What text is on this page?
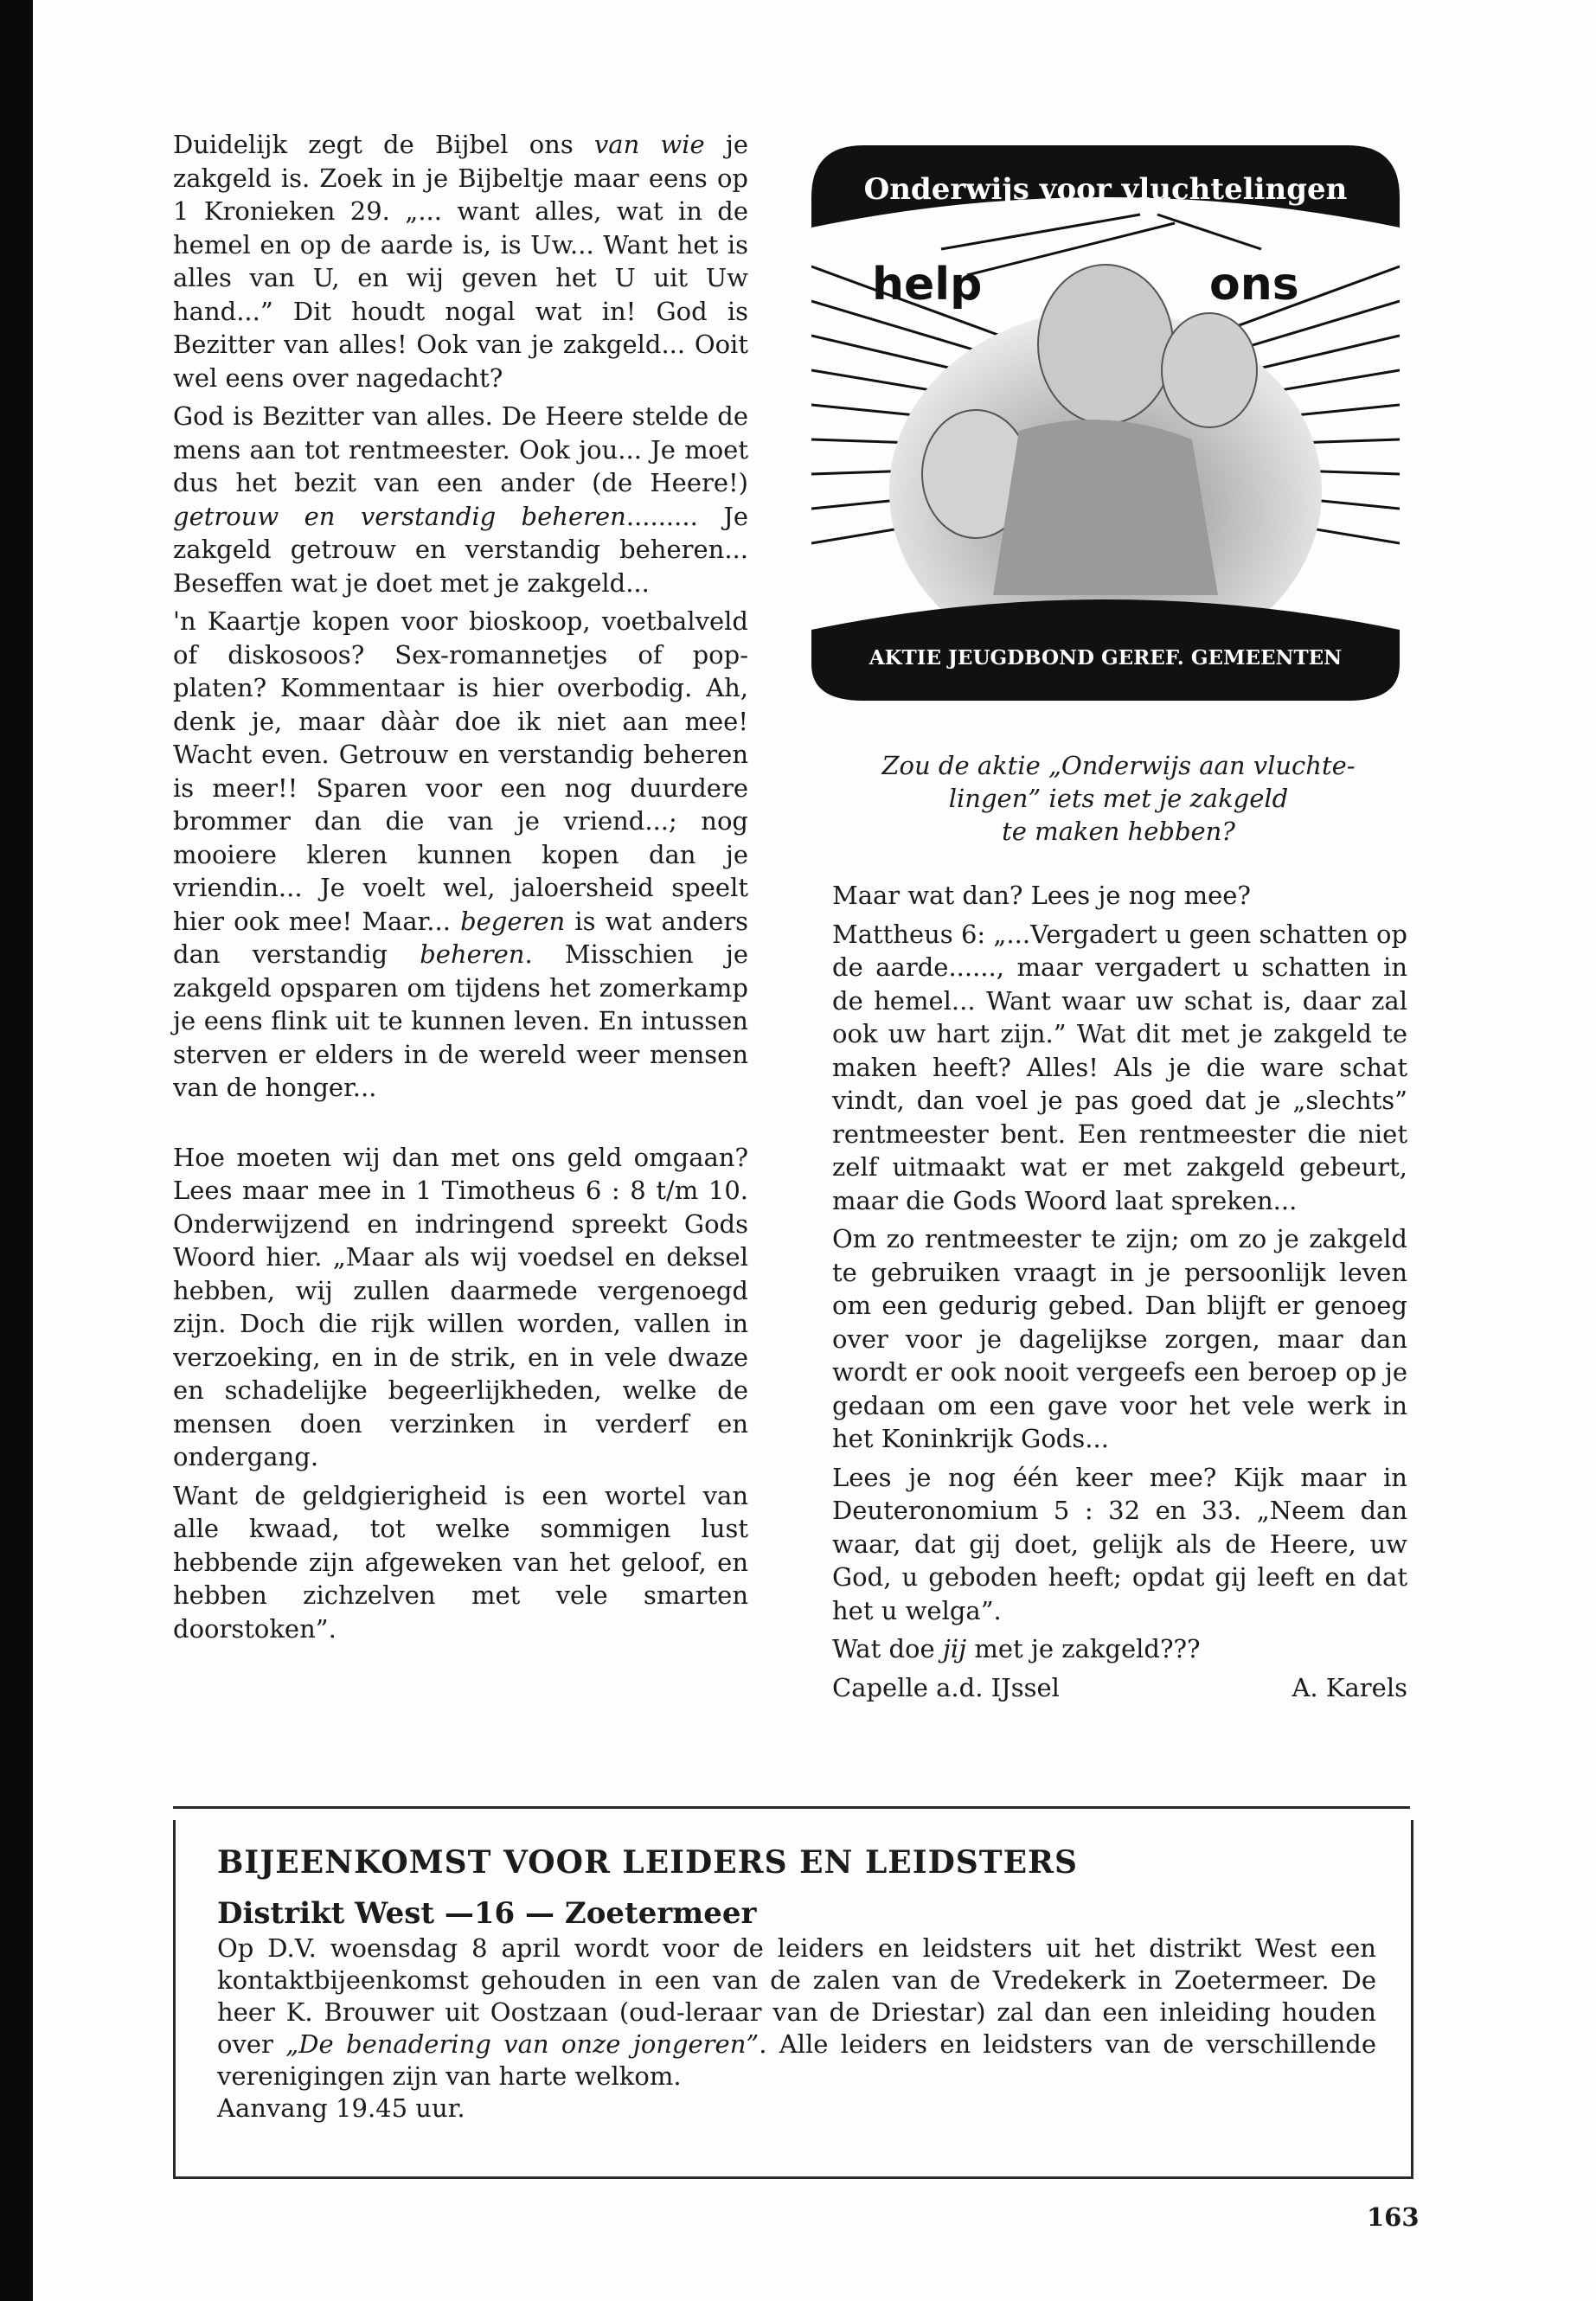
Duidelijk zegt de Bijbel ons van wie je zakgeld is. Zoek in je Bijbeltje maar eens op 1 Kronieken 29. „... want alles, wat in de hemel en op de aarde is, is Uw... Want het is alles van U, en wij geven het U uit Uw hand...” Dit houdt nogal wat in! God is Bezitter van alles! Ook van je zakgeld... Ooit wel eens over nagedacht?

God is Bezitter van alles. De Heere stelde de mens aan tot rentmeester. Ook jou... Je moet dus het bezit van een ander (de Heere!) getrouw en verstandig beheren......... Je zakgeld getrouw en verstandig beheren... Beseffen wat je doet met je zakgeld...

'n Kaartje kopen voor bioskoop, voetbalveld of diskosoos? Sex-romannetjes of pop-platen? Kommentaar is hier overbodig. Ah, denk je, maar dààr doe ik niet aan mee! Wacht even. Getrouw en verstandig beheren is meer!! Sparen voor een nog duurdere brommer dan die van je vriend...; nog mooiere kleren kunnen kopen dan je vriendin... Je voelt wel, jaloersheid speelt hier ook mee! Maar... begeren is wat anders dan verstandig beheren. Misschien je zakgeld opsparen om tijdens het zomerkamp je eens flink uit te kunnen leven. En intussen sterven er elders in de wereld weer mensen van de honger...

Hoe moeten wij dan met ons geld omgaan? Lees maar mee in 1 Timotheus 6 : 8 t/m 10. Onderwijzend en indringend spreekt Gods Woord hier. „Maar als wij voedsel en deksel hebben, wij zullen daarmede vergenoegd zijn. Doch die rijk willen worden, vallen in verzoeking, en in de strik, en in vele dwaze en schadelijke begeerlijkheden, welke de mensen doen verzinken in verderf en ondergang.

Want de geldgierigheid is een wortel van alle kwaad, tot welke sommigen lust hebbende zijn afgeweken van het geloof, en hebben zichzelven met vele smarten doorstoken”.

Onderwijs voor vluchtelingen
help	ons
AKTIE JEUGDBOND GEREF. GEMEENTEN
Zou de aktie „Onderwijs aan vluchte-
lingen” iets met je zakgeld
te maken hebben?

Maar wat dan? Lees je nog mee?

Mattheus 6: „...Vergadert u geen schatten op de aarde......, maar vergadert u schatten in de hemel... Want waar uw schat is, daar zal ook uw hart zijn.” Wat dit met je zakgeld te maken heeft? Alles! Als je die ware schat vindt, dan voel je pas goed dat je „slechts” rentmeester bent. Een rentmeester die niet zelf uitmaakt wat er met zakgeld gebeurt, maar die Gods Woord laat spreken...

Om zo rentmeester te zijn; om zo je zakgeld te gebruiken vraagt in je persoonlijk leven om een gedurig gebed. Dan blijft er genoeg over voor je dagelijkse zorgen, maar dan wordt er ook nooit vergeefs een beroep op je gedaan om een gave voor het vele werk in het Koninkrijk Gods...

Lees je nog één keer mee? Kijk maar in Deuteronomium 5 : 32 en 33. „Neem dan waar, dat gij doet, gelijk als de Heere, uw God, u geboden heeft; opdat gij leeft en dat het u welga”.

Wat doe jij met je zakgeld???

Capelle a.d. IJssel	A. Karels
BIJEENKOMST VOOR LEIDERS EN LEIDSTERS
Distrikt West —16 — Zoetermeer

Op D.V. woensdag 8 april wordt voor de leiders en leidsters uit het distrikt West een kontaktbijeenkomst gehouden in een van de zalen van de Vredekerk in Zoetermeer. De heer K. Brouwer uit Oostzaan (oud-leraar van de Driestar) zal dan een inleiding houden over „De benadering van onze jongeren”. Alle leiders en leidsters van de verschillende verenigingen zijn van harte welkom.

Aanvang 19.45 uur.

163
